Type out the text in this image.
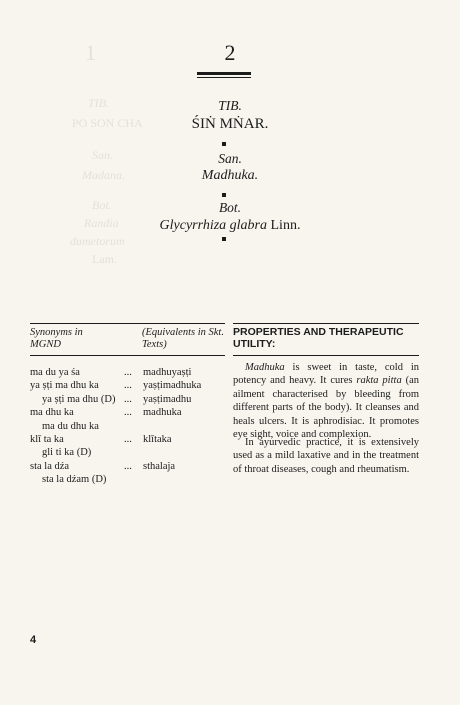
1
TIB.
PO SON CHA
San.
Madana.
Bot.
Randia
dumetorum
Lam.
2
TIB.
ŚIṄ MṄAR.
San.
Madhuka.
Bot.
Glycyrrhiza glabra Linn.
Synonyms in MGND
(Equivalents in Skt. Texts)
ma du ya śa	... madhuyaṣṭi
ya ṣṭi ma dhu ka ... yaṣṭimadhuka
ya ṣṭi ma dhu (D) ... yaṣṭimadhu
ma dhu ka	... madhuka
ma du dhu ka
klī ta ka	... klītaka
gli ti ka (D)
sta la dźa	... sthalaja
sta la dźam (D)
PROPERTIES AND THERAPEUTIC UTILITY:

Madhuka is sweet in taste, cold in potency and heavy. It cures rakta pitta (an ailment characterised by bleeding from different parts of the body). It cleanses and heals ulcers. It is aphrodisiac. It promotes eye sight, voice and complexion.

In ayurvedic practice, it is extensively used as a mild laxative and in the treatment of throat diseases, cough and rheumatism.

4
